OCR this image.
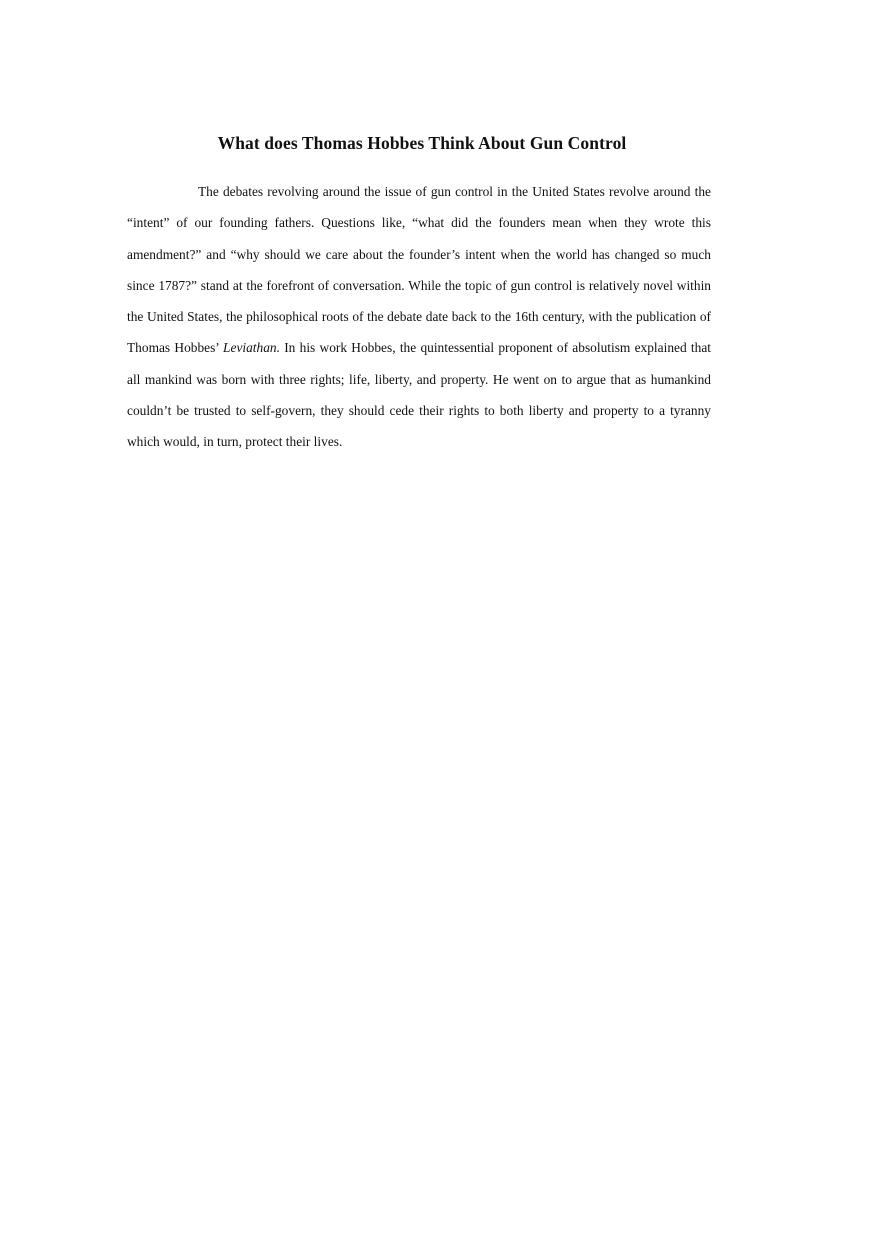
What does Thomas Hobbes Think About Gun Control

The debates revolving around the issue of gun control in the United States revolve around the “intent” of our founding fathers. Questions like, “what did the founders mean when they wrote this amendment?” and “why should we care about the founder’s intent when the world has changed so much since 1787?” stand at the forefront of conversation. While the topic of gun control is relatively novel within the United States, the philosophical roots of the debate date back to the 16th century, with the publication of Thomas Hobbes’ Leviathan. In his work Hobbes, the quintessential proponent of absolutism explained that all mankind was born with three rights; life, liberty, and property. He went on to argue that as humankind couldn’t be trusted to self-govern, they should cede their rights to both liberty and property to a tyranny which would, in turn, protect their lives.
